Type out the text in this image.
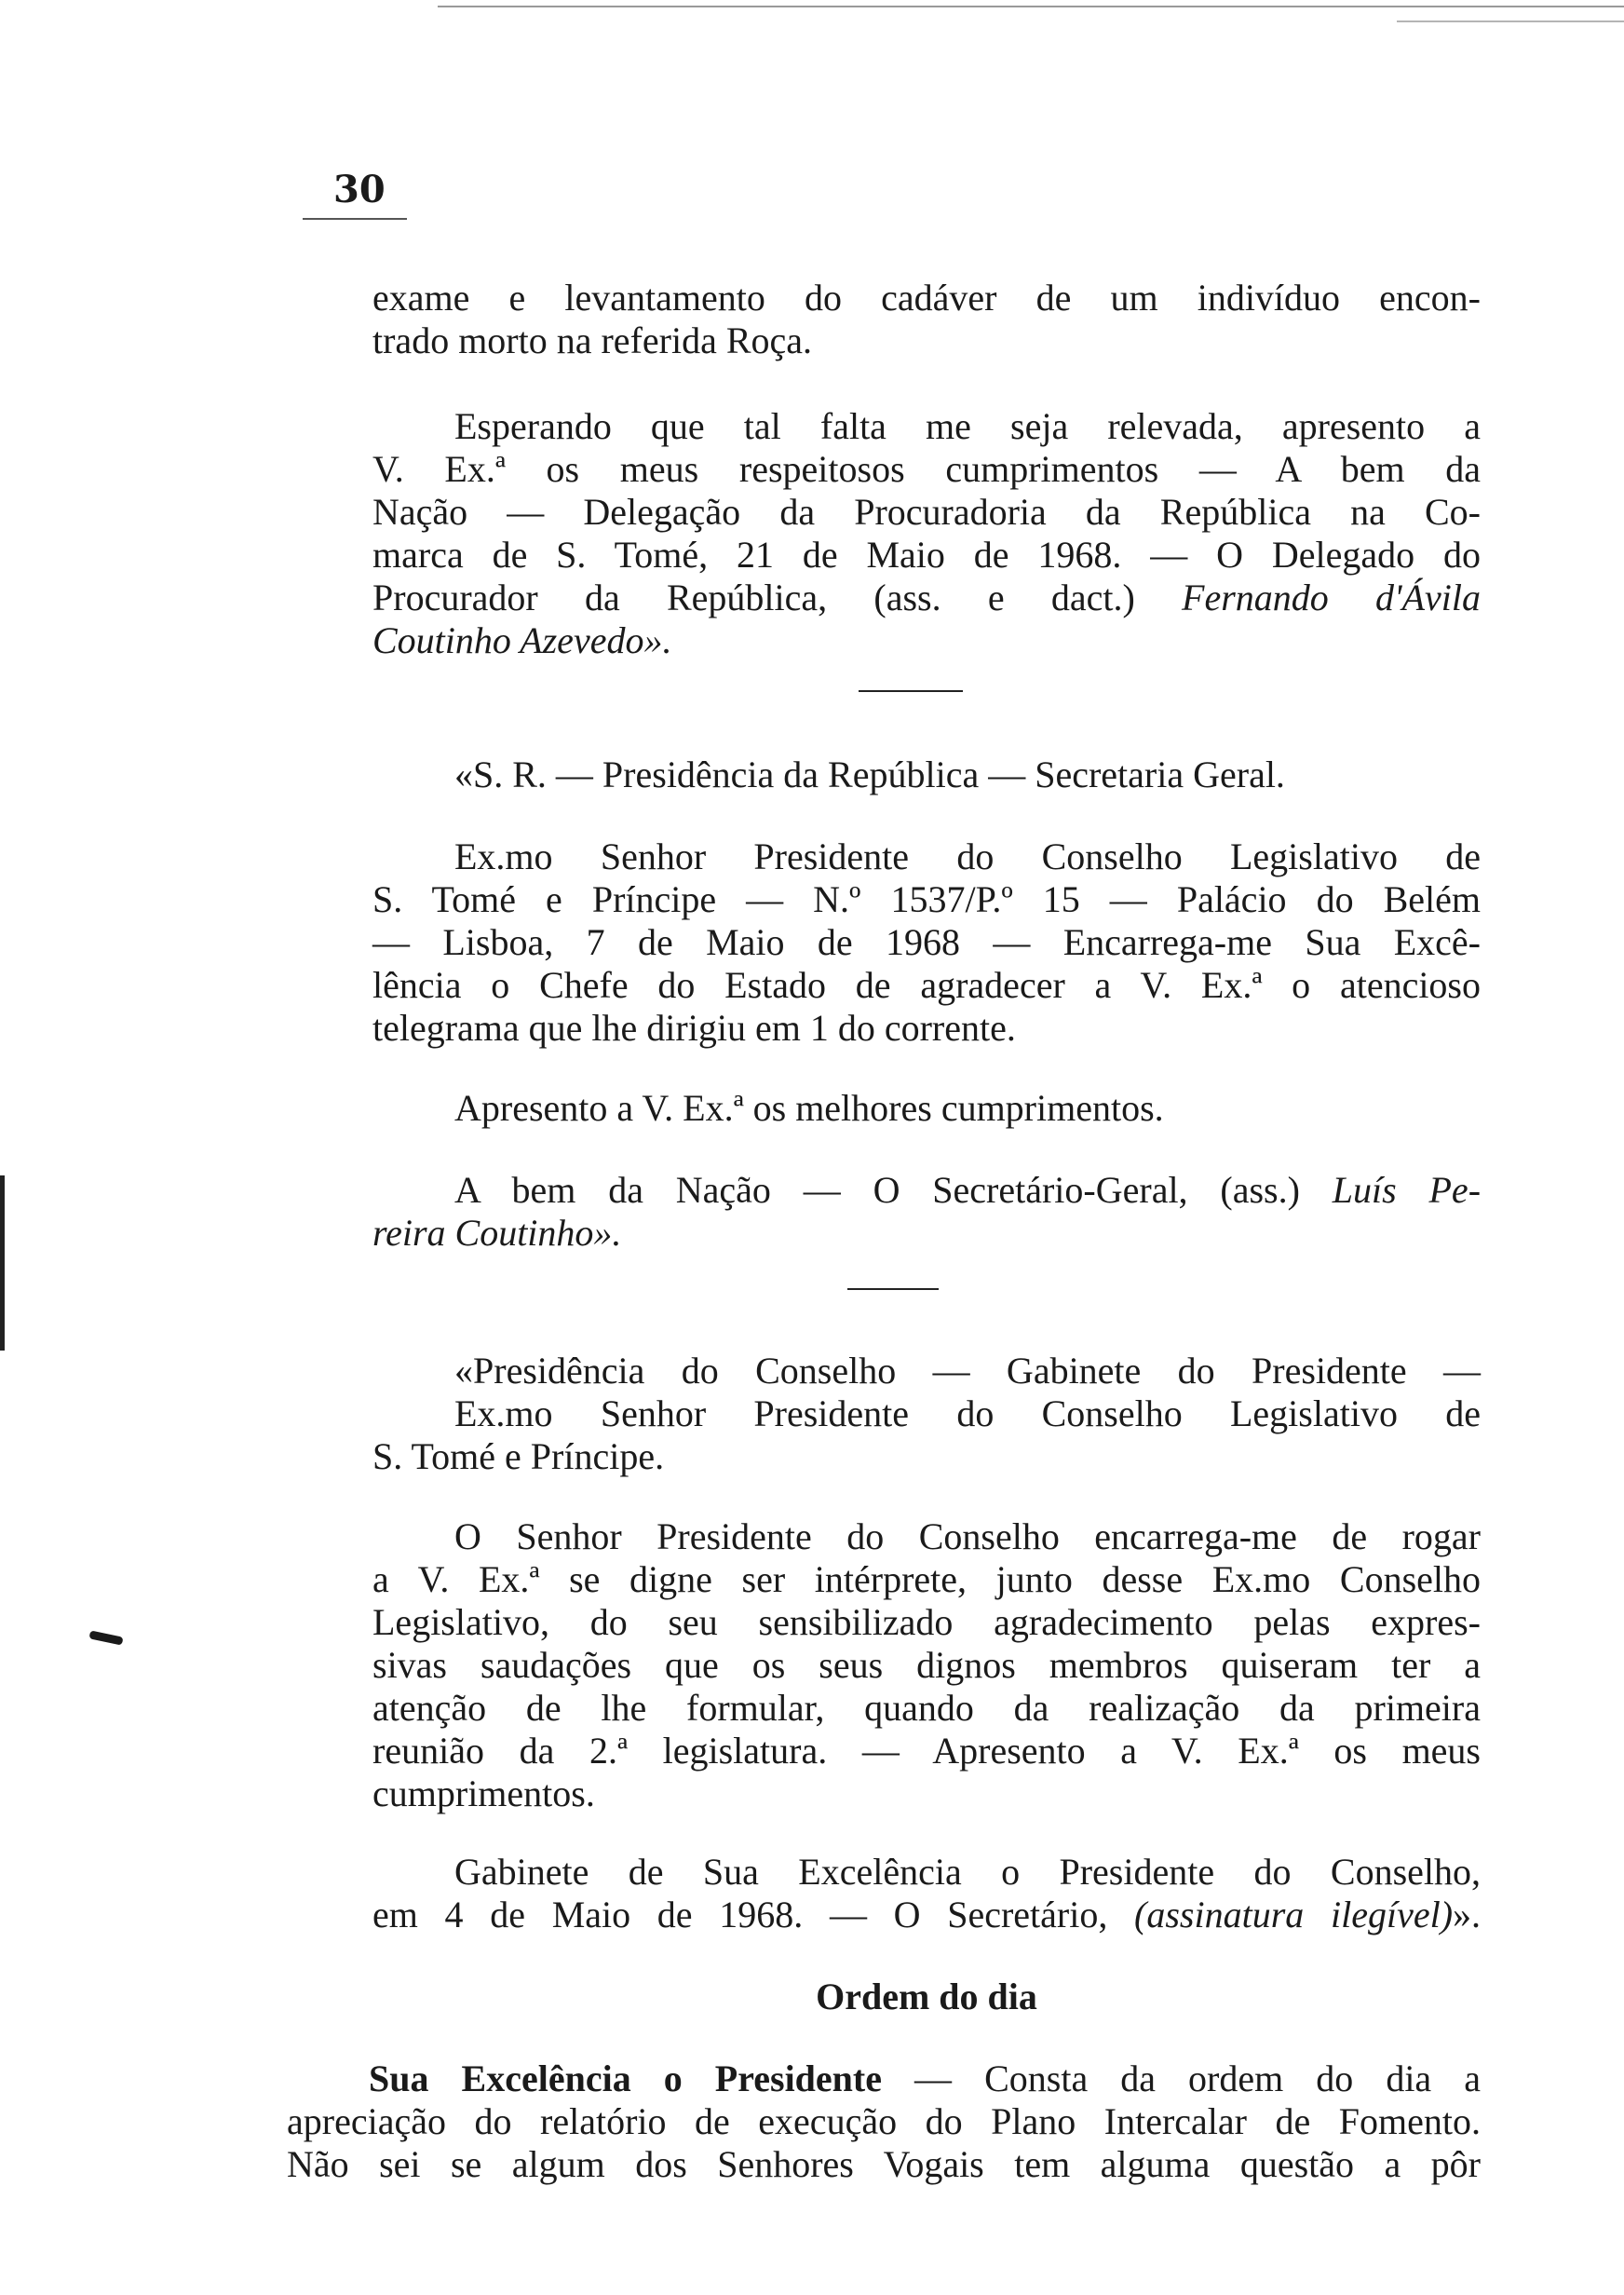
30
exame e levantamento do cadáver de um indivíduo encon-
trado morto na referida Roça.
Esperando que tal falta me seja relevada, apresento a
V. Ex.ª os meus respeitosos cumprimentos — A bem da
Nação — Delegação da Procuradoria da República na Co-
marca de S. Tomé, 21 de Maio de 1968. — O Delegado do
Procurador da República, (ass. e dact.) Fernando d'Ávila
Coutinho Azevedo».
«S. R. — Presidência da República — Secretaria Geral.
Ex.mo Senhor Presidente do Conselho Legislativo de
S. Tomé e Príncipe — N.º 1537/P.º 15 — Palácio do Belém
— Lisboa, 7 de Maio de 1968 — Encarrega-me Sua Excê-
lência o Chefe do Estado de agradecer a V. Ex.ª o atencioso
telegrama que lhe dirigiu em 1 do corrente.
Apresento a V. Ex.ª os melhores cumprimentos.
A bem da Nação — O Secretário-Geral, (ass.) Luís Pe-
reira Coutinho».
«Presidência do Conselho — Gabinete do Presidente —
Ex.mo Senhor Presidente do Conselho Legislativo de
S. Tomé e Príncipe.
O Senhor Presidente do Conselho encarrega-me de rogar
a V. Ex.ª se digne ser intérprete, junto desse Ex.mo Conselho
Legislativo, do seu sensibilizado agradecimento pelas expres-
sivas saudações que os seus dignos membros quiseram ter a
atenção de lhe formular, quando da realização da primeira
reunião da 2.ª legislatura. — Apresento a V. Ex.ª os meus
cumprimentos.
Gabinete de Sua Excelência o Presidente do Conselho,
em 4 de Maio de 1968. — O Secretário, (assinatura ilegível)».
Ordem do dia
Sua Excelência o Presidente — Consta da ordem do dia a
apreciação do relatório de execução do Plano Intercalar de Fomento.
Não sei se algum dos Senhores Vogais tem alguma questão a pôr
